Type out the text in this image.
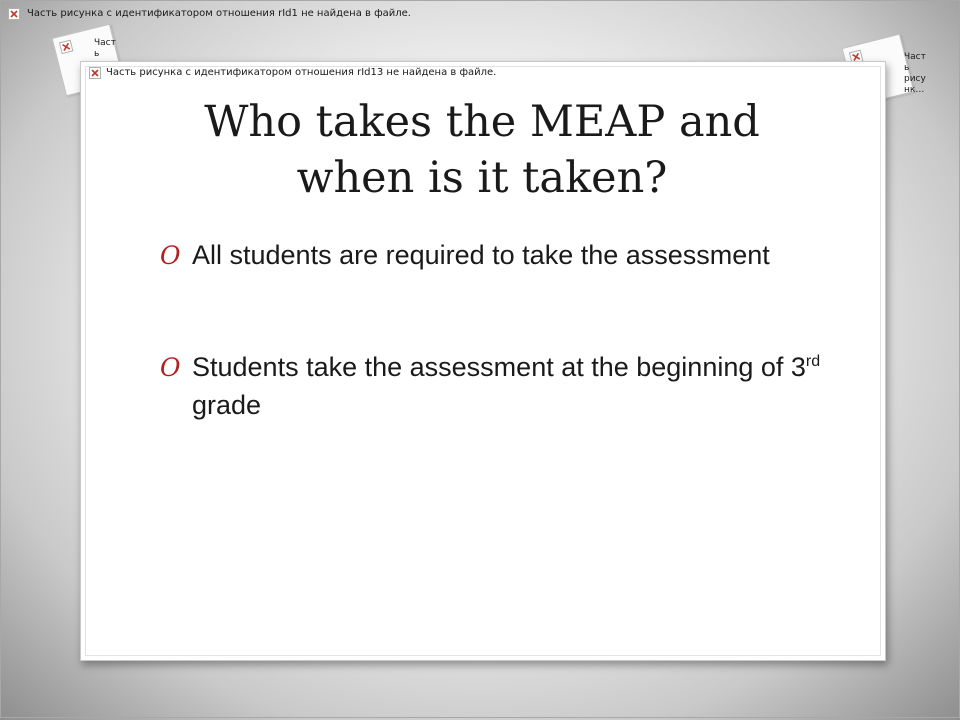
Часть рисунка с идентификатором отношения rId1 не найдена в файле.
Част
ь	Част
ь
рису
нк…
Часть рисунка с идентификатором отношения rId13 не найдена в файле.
Who takes the MEAP and
when is it taken?
O All students are required to take the assessment
O Students take the assessment at the beginning of 3rd grade
